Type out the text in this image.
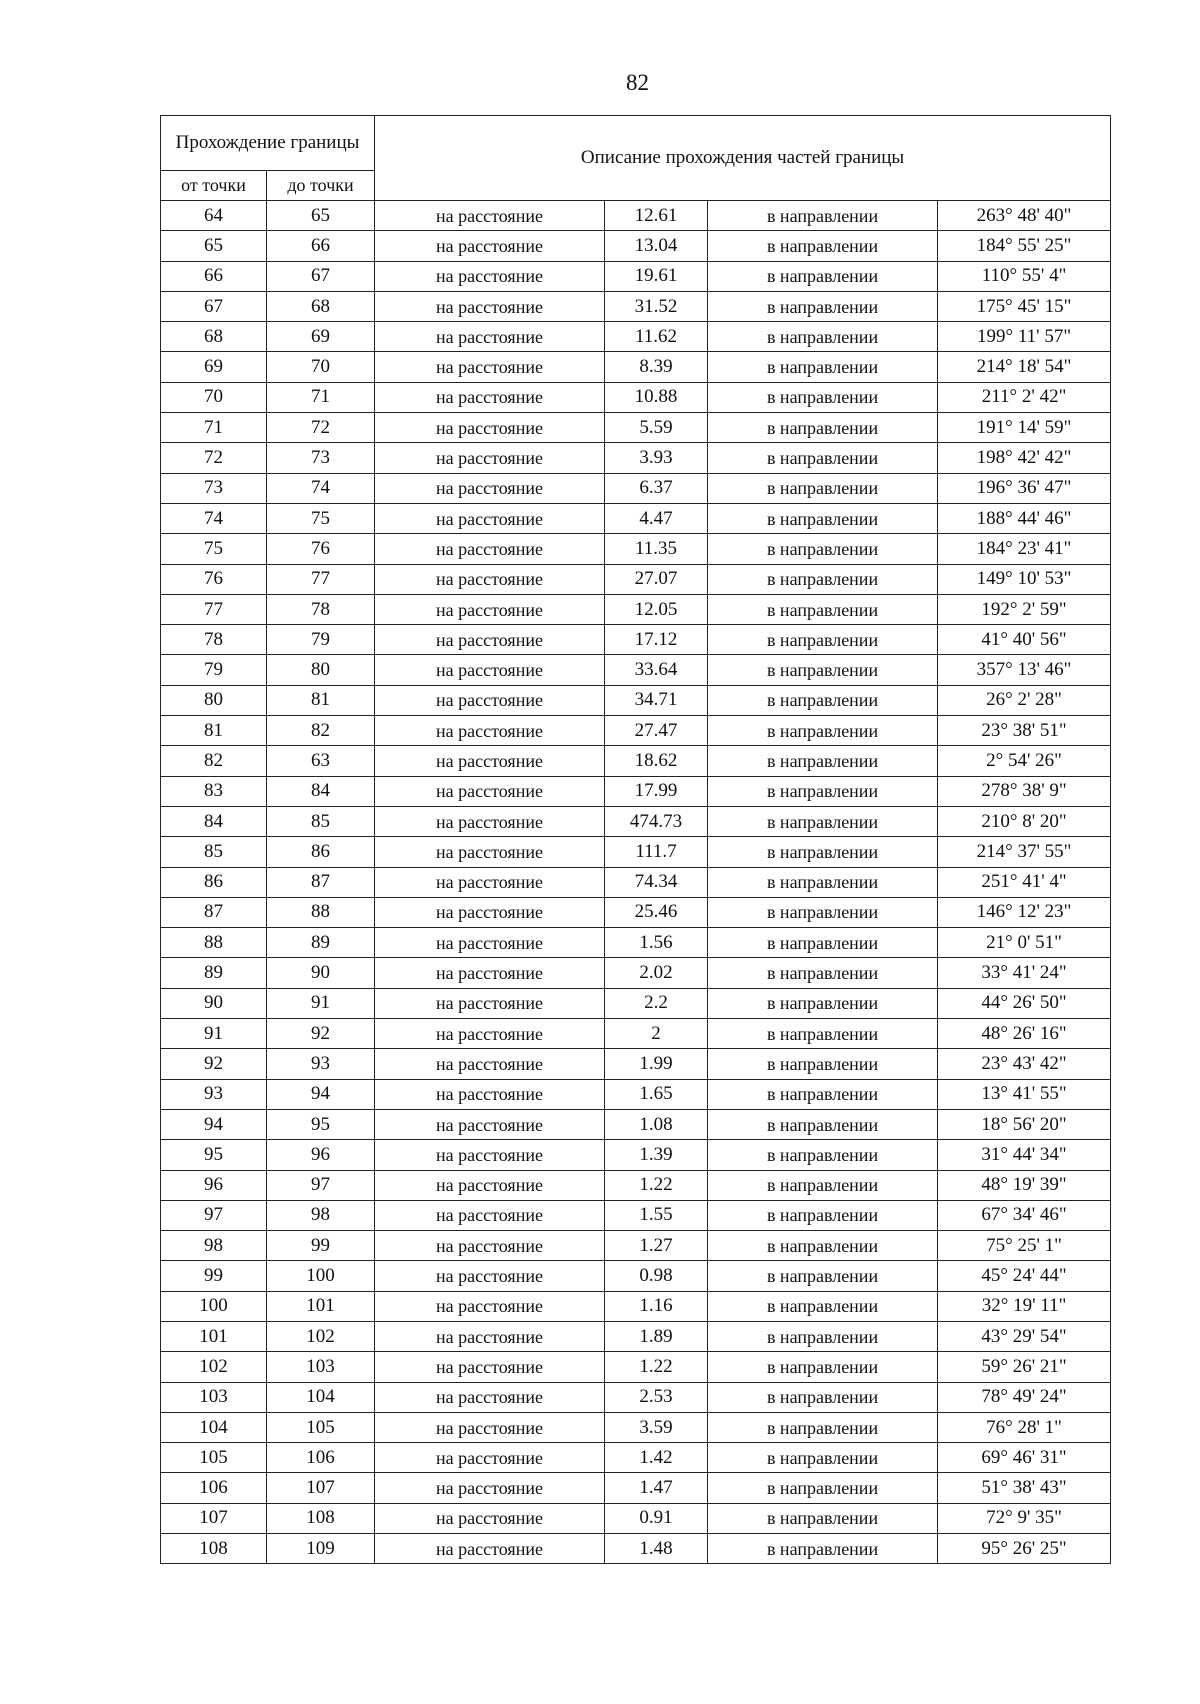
82
Прохождение границы		Описание прохождения частей границы			
от точки	до точки				
64	65	на расстояние	12.61	в направлении	263° 48' 40"
65	66	на расстояние	13.04	в направлении	184° 55' 25"
66	67	на расстояние	19.61	в направлении	110° 55' 4"
67	68	на расстояние	31.52	в направлении	175° 45' 15"
68	69	на расстояние	11.62	в направлении	199° 11' 57"
69	70	на расстояние	8.39	в направлении	214° 18' 54"
70	71	на расстояние	10.88	в направлении	211° 2' 42"
71	72	на расстояние	5.59	в направлении	191° 14' 59"
72	73	на расстояние	3.93	в направлении	198° 42' 42"
73	74	на расстояние	6.37	в направлении	196° 36' 47"
74	75	на расстояние	4.47	в направлении	188° 44' 46"
75	76	на расстояние	11.35	в направлении	184° 23' 41"
76	77	на расстояние	27.07	в направлении	149° 10' 53"
77	78	на расстояние	12.05	в направлении	192° 2' 59"
78	79	на расстояние	17.12	в направлении	41° 40' 56"
79	80	на расстояние	33.64	в направлении	357° 13' 46"
80	81	на расстояние	34.71	в направлении	26° 2' 28"
81	82	на расстояние	27.47	в направлении	23° 38' 51"
82	63	на расстояние	18.62	в направлении	2° 54' 26"
83	84	на расстояние	17.99	в направлении	278° 38' 9"
84	85	на расстояние	474.73	в направлении	210° 8' 20"
85	86	на расстояние	111.7	в направлении	214° 37' 55"
86	87	на расстояние	74.34	в направлении	251° 41' 4"
87	88	на расстояние	25.46	в направлении	146° 12' 23"
88	89	на расстояние	1.56	в направлении	21° 0' 51"
89	90	на расстояние	2.02	в направлении	33° 41' 24"
90	91	на расстояние	2.2	в направлении	44° 26' 50"
91	92	на расстояние	2	в направлении	48° 26' 16"
92	93	на расстояние	1.99	в направлении	23° 43' 42"
93	94	на расстояние	1.65	в направлении	13° 41' 55"
94	95	на расстояние	1.08	в направлении	18° 56' 20"
95	96	на расстояние	1.39	в направлении	31° 44' 34"
96	97	на расстояние	1.22	в направлении	48° 19' 39"
97	98	на расстояние	1.55	в направлении	67° 34' 46"
98	99	на расстояние	1.27	в направлении	75° 25' 1"
99	100	на расстояние	0.98	в направлении	45° 24' 44"
100	101	на расстояние	1.16	в направлении	32° 19' 11"
101	102	на расстояние	1.89	в направлении	43° 29' 54"
102	103	на расстояние	1.22	в направлении	59° 26' 21"
103	104	на расстояние	2.53	в направлении	78° 49' 24"
104	105	на расстояние	3.59	в направлении	76° 28' 1"
105	106	на расстояние	1.42	в направлении	69° 46' 31"
106	107	на расстояние	1.47	в направлении	51° 38' 43"
107	108	на расстояние	0.91	в направлении	72° 9' 35"
108	109	на расстояние	1.48	в направлении	95° 26' 25"
